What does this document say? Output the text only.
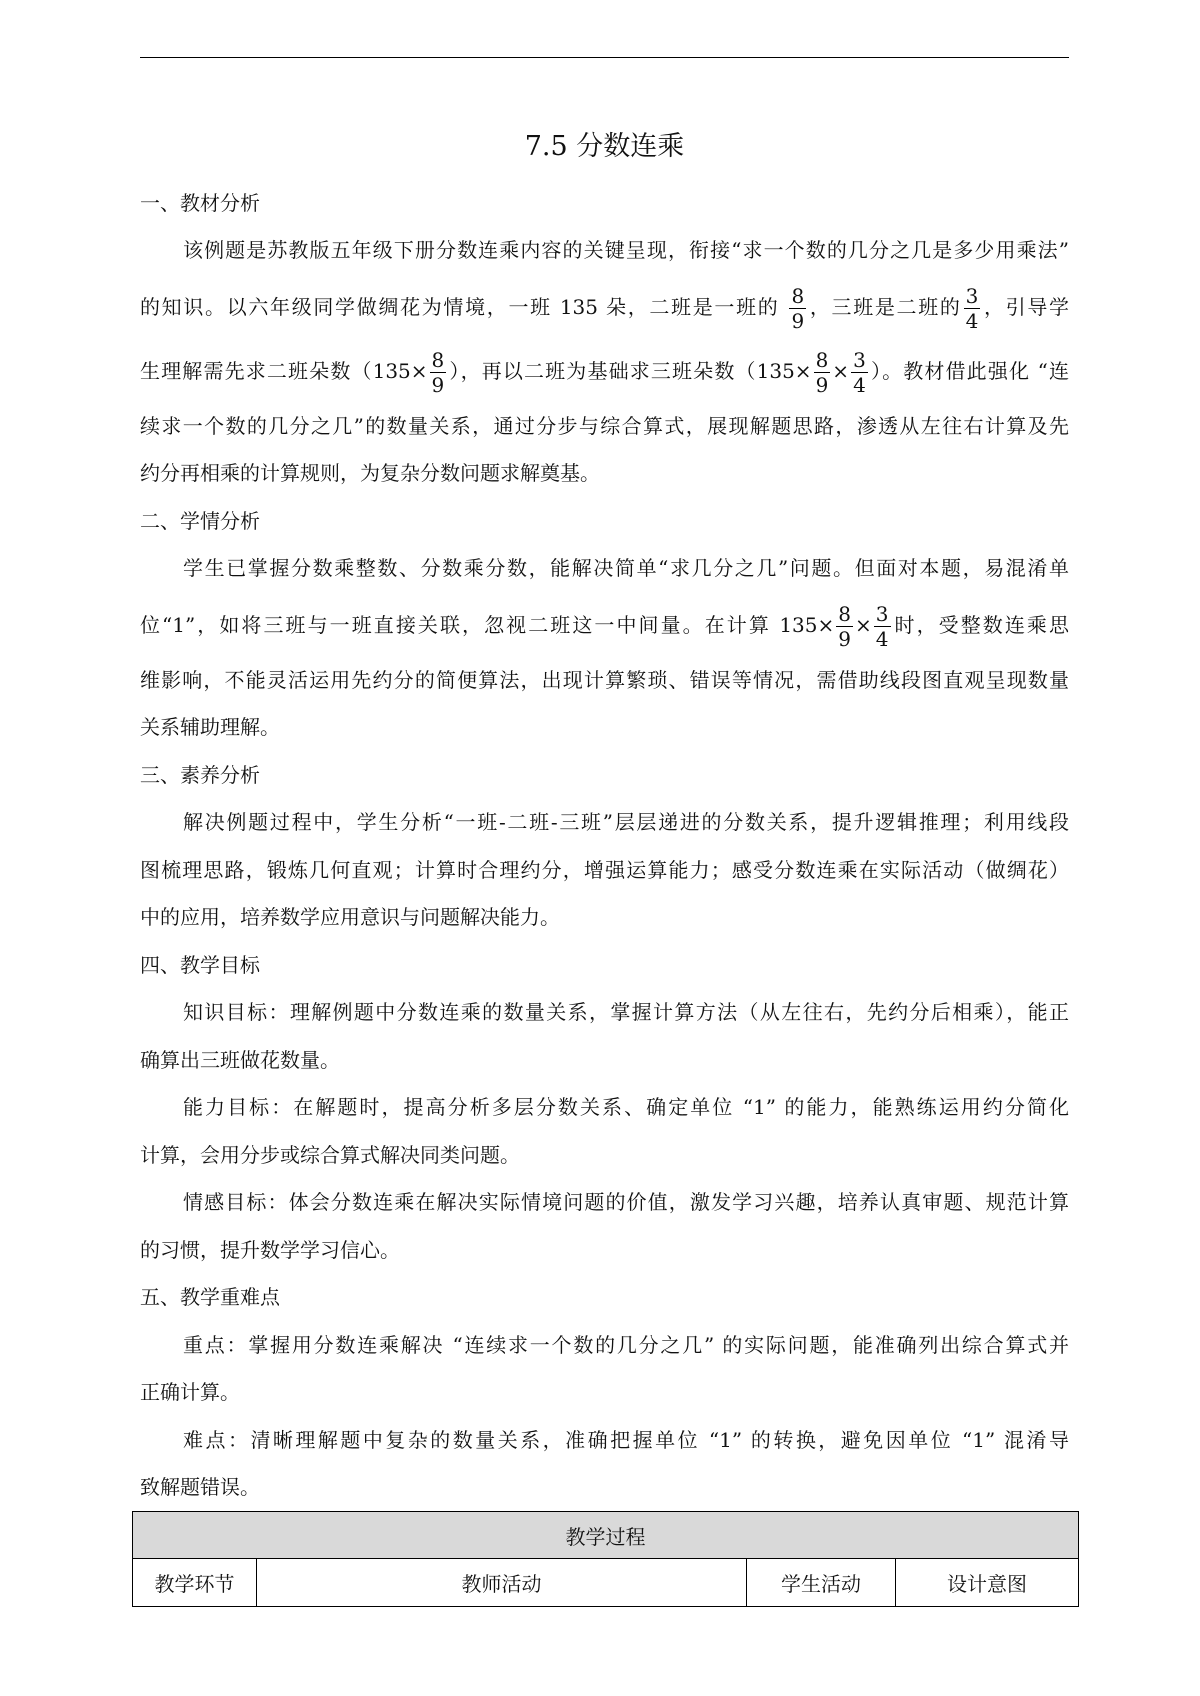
7.5 分数连乘
一、教材分析
该例题是苏教版五年级下册分数连乘内容的关键呈现，衔接“求一个数的几分之几是多少用乘法”
的知识。以六年级同学做绸花为情境，一班 135 朵，二班是一班的 $\frac{8}{9}$ ，三班是二班的 $\frac{3}{4}$ ，引导学
生理解需先求二班朵数（$135\times \frac{8}{9}$ ），再以二班为基础求三班朵数（$135\times \frac{8}{9} \times \frac{3}{4}$ ）。教材借此强化 “连
续求一个数的几分之几”的数量关系，通过分步与综合算式，展现解题思路，渗透从左往右计算及先
约分再相乘的计算规则，为复杂分数问题求解奠基。
二、学情分析
学生已掌握分数乘整数、分数乘分数，能解决简单“求几分之几”问题。但面对本题，易混淆单
位“1”，如将三班与一班直接关联，忽视二班这一中间量。在计算 $135\times \frac{8}{9} \times \frac{3}{4}$ 时，受整数连乘思
维影响，不能灵活运用先约分的简便算法，出现计算繁琐、错误等情况，需借助线段图直观呈现数量
关系辅助理解。
三、素养分析
解决例题过程中，学生分析“一班-二班-三班”层层递进的分数关系，提升逻辑推理；利用线段
图梳理思路，锻炼几何直观；计算时合理约分，增强运算能力；感受分数连乘在实际活动（做绸花）
中的应用，培养数学应用意识与问题解决能力。
四、教学目标
知识目标：理解例题中分数连乘的数量关系，掌握计算方法（从左往右，先约分后相乘），能正
确算出三班做花数量。
能力目标：在解题时，提高分析多层分数关系、确定单位 “1” 的能力，能熟练运用约分简化
计算，会用分步或综合算式解决同类问题。
情感目标：体会分数连乘在解决实际情境问题的价值，激发学习兴趣，培养认真审题、规范计算
的习惯，提升数学学习信心。
五、教学重难点
重点：掌握用分数连乘解决 “连续求一个数的几分之几” 的实际问题，能准确列出综合算式并
正确计算。
难点：清晰理解题中复杂的数量关系，准确把握单位 “1” 的转换，避免因单位 “1” 混淆导
致解题错误。
教学过程
教学环节	教师活动	学生活动	设计意图
